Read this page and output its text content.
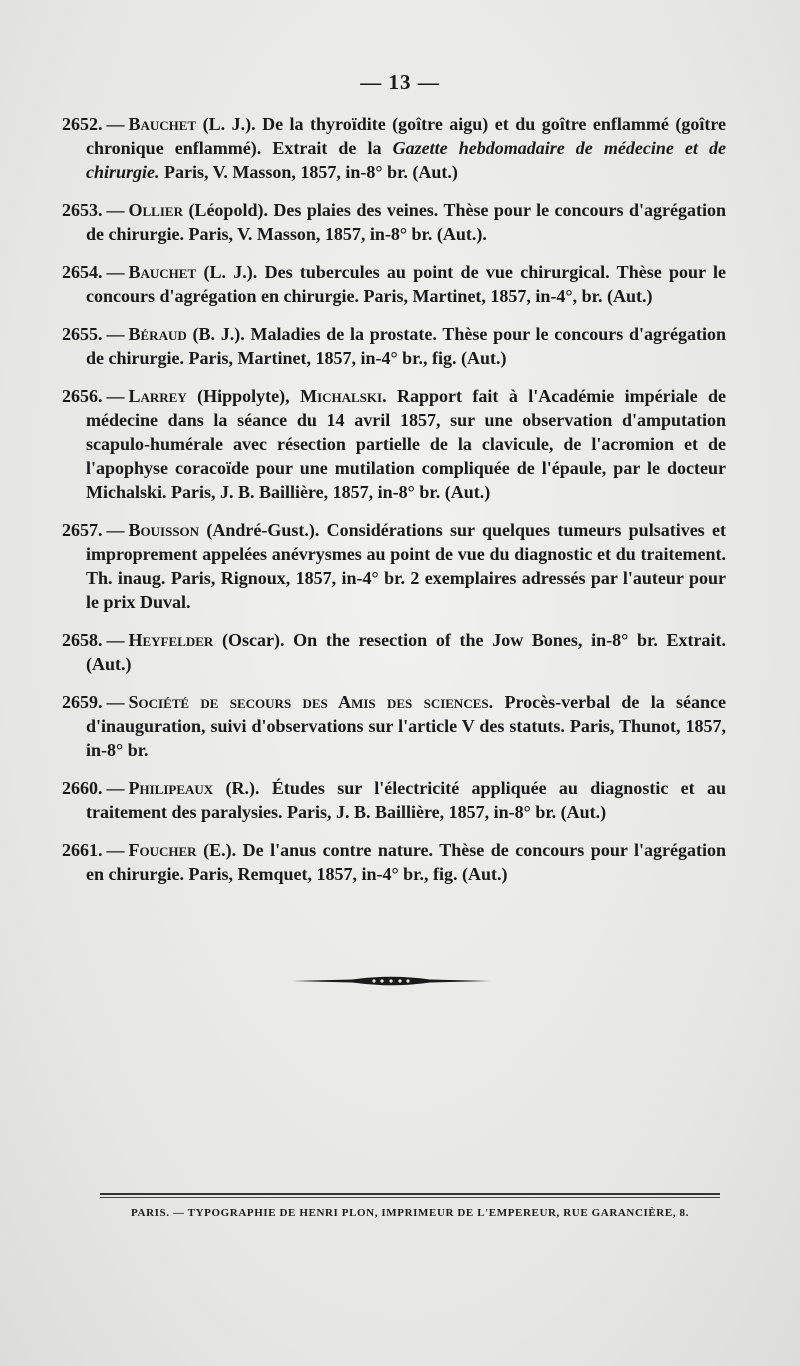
— 13 —

2652. — Bauchet (L. J.). De la thyroïdite (goître aigu) et du goître enflammé (goître chronique enflammé). Extrait de la Gazette hebdomadaire de médecine et de chirurgie. Paris, V. Masson, 1857, in-8° br. (Aut.)

2653. — Ollier (Léopold). Des plaies des veines. Thèse pour le concours d'agrégation de chirurgie. Paris, V. Masson, 1857, in-8° br. (Aut.).

2654. — Bauchet (L. J.). Des tubercules au point de vue chirurgical. Thèse pour le concours d'agrégation en chirurgie. Paris, Martinet, 1857, in-4°, br. (Aut.)

2655. — Béraud (B. J.). Maladies de la prostate. Thèse pour le concours d'agrégation de chirurgie. Paris, Martinet, 1857, in-4° br., fig. (Aut.)

2656. — Larrey (Hippolyte), Michalski. Rapport fait à l'Académie impériale de médecine dans la séance du 14 avril 1857, sur une observation d'amputation scapulo-humérale avec résection partielle de la clavicule, de l'acromion et de l'apophyse coracoïde pour une mutilation compliquée de l'épaule, par le docteur Michalski. Paris, J. B. Baillière, 1857, in-8° br. (Aut.)

2657. — Bouisson (André-Gust.). Considérations sur quelques tumeurs pulsatives et improprement appelées anévrysmes au point de vue du diagnostic et du traitement. Th. inaug. Paris, Rignoux, 1857, in-4° br. 2 exemplaires adressés par l'auteur pour le prix Duval.

2658. — Heyfelder (Oscar). On the resection of the Jow Bones, in-8° br. Extrait. (Aut.)

2659. — Société de secours des Amis des sciences. Procès-verbal de la séance d'inauguration, suivi d'observations sur l'article V des statuts. Paris, Thunot, 1857, in-8° br.

2660. — Philipeaux (R.). Études sur l'électricité appliquée au diagnostic et au traitement des paralysies. Paris, J. B. Baillière, 1857, in-8° br. (Aut.)

2661. — Foucher (E.). De l'anus contre nature. Thèse de concours pour l'agrégation en chirurgie. Paris, Remquet, 1857, in-4° br., fig. (Aut.)

PARIS. — TYPOGRAPHIE DE HENRI PLON, IMPRIMEUR DE L'EMPEREUR, RUE GARANCIÈRE, 8.
